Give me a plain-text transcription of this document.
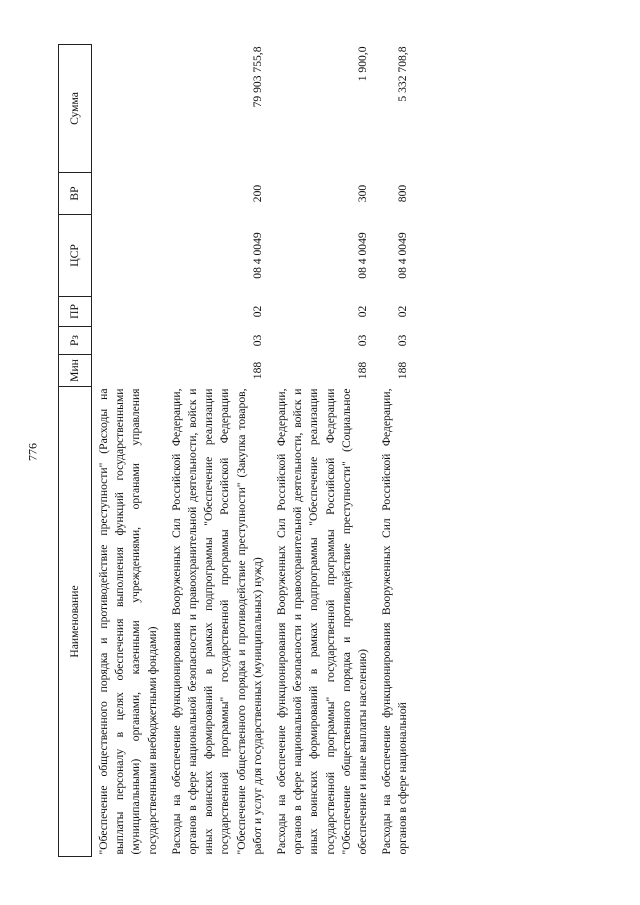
776
Наименование	Мин	Рз	ПР	ЦСР	ВР	Сумма
"Обеспечение общественного порядка и противодействие преступности" (Расходы на выплаты персоналу в целях обеспечения выполнения функций государственными (муниципальными) органами, казенными учреждениями, органами управления государственными внебюджетными фондами)						
Расходы на обеспечение функционирования Вооруженных Сил Российской Федерации, органов в сфере национальной безопасности и правоохранительной деятельности, войск и иных воинских формирований в рамках подпрограммы "Обеспечение реализации государственной программы" государственной программы Российской Федерации "Обеспечение общественного порядка и противодействие преступности" (Закупка товаров, работ и услуг для государственных (муниципальных) нужд)	188	03	02	08 4 0049	200	79 903 755,8
Расходы на обеспечение функционирования Вооруженных Сил Российской Федерации, органов в сфере национальной безопасности и правоохранительной деятельности, войск и иных воинских формирований в рамках подпрограммы "Обеспечение реализации государственной программы" государственной программы Российской Федерации "Обеспечение общественного порядка и противодействие преступности" (Социальное обеспечение и иные выплаты населению)	188	03	02	08 4 0049	300	1 900,0
Расходы на обеспечение функционирования Вооруженных Сил Российской Федерации, органов в сфере национальной	188	03	02	08 4 0049	800	5 332 708,8
